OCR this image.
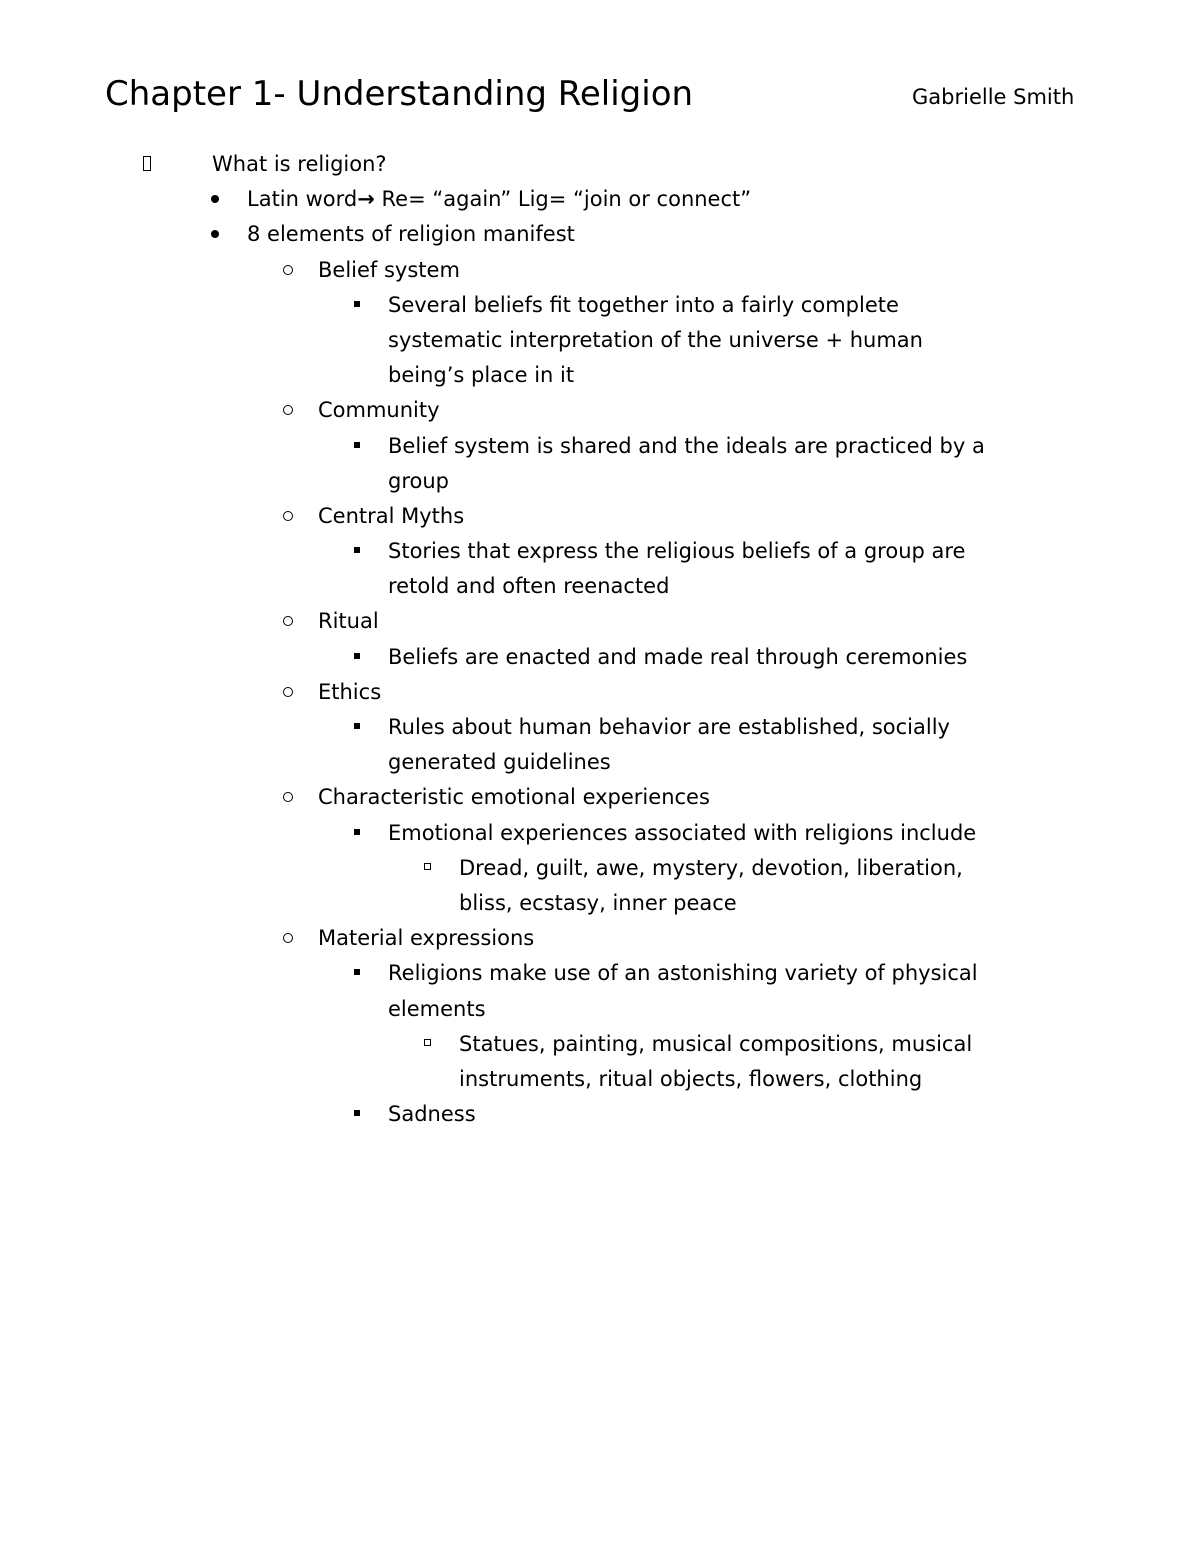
Chapter 1- Understanding Religion	Gabrielle Smith
What is religion?
Latin word→ Re= “again” Lig= “join or connect”
8 elements of religion manifest
Belief system
Several beliefs fit together into a fairly complete
systematic interpretation of the universe + human
being’s place in it
Community
Belief system is shared and the ideals are practiced by a
group
Central Myths
Stories that express the religious beliefs of a group are
retold and often reenacted
Ritual
Beliefs are enacted and made real through ceremonies
Ethics
Rules about human behavior are established, socially
generated guidelines
Characteristic emotional experiences
Emotional experiences associated with religions include
Dread, guilt, awe, mystery, devotion, liberation,
bliss, ecstasy, inner peace
Material expressions
Religions make use of an astonishing variety of physical
elements
Statues, painting, musical compositions, musical
instruments, ritual objects, flowers, clothing
Sadness
